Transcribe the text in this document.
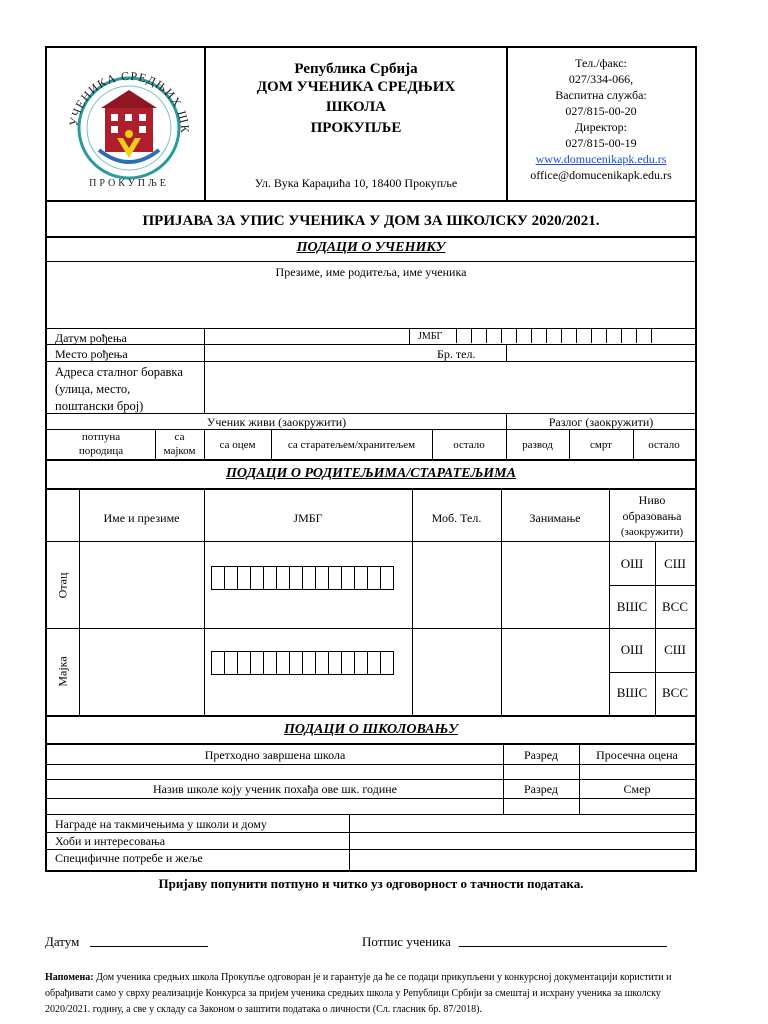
УЧЕНИКА СРЕДЊИХ ШК
ПРОКУПЉЕ
Република Србија
ДОМ УЧЕНИКА СРЕДЊИХ
ШКОЛА
ПРОКУПЉЕ
Ул. Вука Караџића 10, 18400 Прокупље
Тел./факс:
027/334-066,
Васпитна служба:
027/815-00-20
Директор:
027/815-00-19
www.domucenikapk.edu.rs
office@domucenikapk.edu.rs
ПРИЈАВА ЗА УПИС УЧЕНИКА У ДОМ ЗА ШКОЛСКУ 2020/2021.
ПОДАЦИ О УЧЕНИКУ
Презиме, име родитеља, име ученика
Датум рођења	ЈМБГ
Место рођења	Бр. тел.
Адреса сталног боравка
(улица, место,
поштански број)
Ученик живи (заокружити)	Разлог (заокружити)
потпуна
породица
са
мајком	са оцем	са старатељем/хранитељем	остало	развод	смрт	остало
ПОДАЦИ О РОДИТЕЉИМА/СТАРАТЕЉИМА
Име и презиме	ЈМБГ	Моб. Тел.	Занимање
Ниво
образовања
(заокружити)
Отац
ОШ	СШ
ВШС	ВСС
Мајка
ОШ	СШ
ВШС	ВСС
ПОДАЦИ О ШКОЛОВАЊУ
Претходно завршена школа	Разред	Просечна оцена
Назив школе коју ученик похађа ове шк. године	Разред	Смер
Награде на такмичењима у школи и дому
Хоби и интересовања
Специфичне потребе и жеље
Пријаву попунити потпуно и читко уз одговорност о тачности података.
Датум	Потпис ученика
Напомена: Дом ученика средњих школа Прокупље одговоран је и гарантује да ће се подаци прикупљени у конкурсној документацији користити и обрађивати само у сврху реализације Конкурса за пријем ученика средњих школа у Републици Србији за смештај и исхрану ученика за школску 2020/2021. годину, а све у складу са Законом о заштити података о личности (Сл. гласник бр. 87/2018).
